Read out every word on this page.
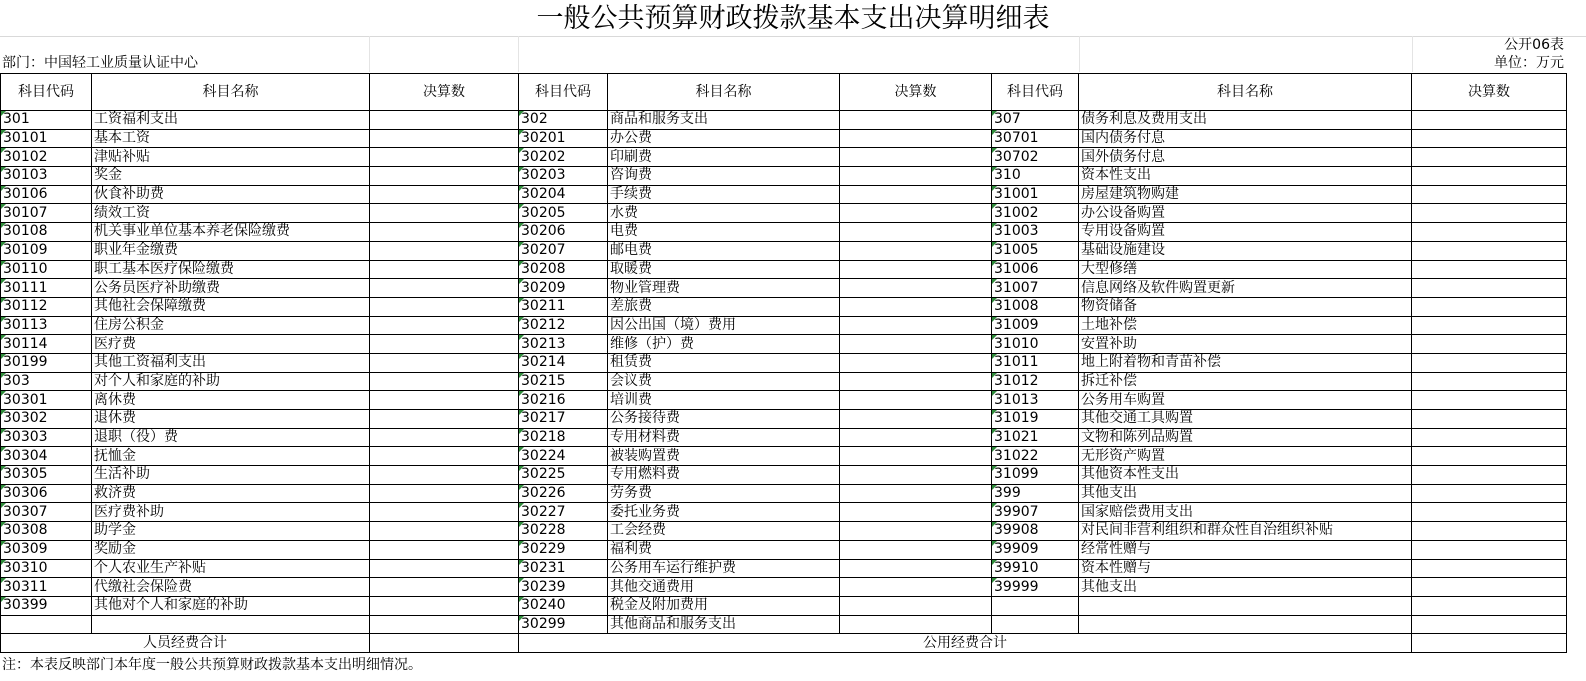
一般公共预算财政拨款基本支出决算明细表
公开06表
部门：中国轻工业质量认证中心	单位：万元
科目代码	科目名称	决算数	科目代码	科目名称	决算数	科目代码	科目名称	决算数
301	工资福利支出		302	商品和服务支出		307	债务利息及费用支出	
30101	基本工资		30201	办公费		30701	国内债务付息	
30102	津贴补贴		30202	印刷费		30702	国外债务付息	
30103	奖金		30203	咨询费		310	资本性支出	
30106	伙食补助费		30204	手续费		31001	房屋建筑物购建	
30107	绩效工资		30205	水费		31002	办公设备购置	
30108	机关事业单位基本养老保险缴费		30206	电费		31003	专用设备购置	
30109	职业年金缴费		30207	邮电费		31005	基础设施建设	
30110	职工基本医疗保险缴费		30208	取暖费		31006	大型修缮	
30111	公务员医疗补助缴费		30209	物业管理费		31007	信息网络及软件购置更新	
30112	其他社会保障缴费		30211	差旅费		31008	物资储备	
30113	住房公积金		30212	因公出国（境）费用		31009	土地补偿	
30114	医疗费		30213	维修（护）费		31010	安置补助	
30199	其他工资福利支出		30214	租赁费		31011	地上附着物和青苗补偿	
303	对个人和家庭的补助		30215	会议费		31012	拆迁补偿	
30301	离休费		30216	培训费		31013	公务用车购置	
30302	退休费		30217	公务接待费		31019	其他交通工具购置	
30303	退职（役）费		30218	专用材料费		31021	文物和陈列品购置	
30304	抚恤金		30224	被装购置费		31022	无形资产购置	
30305	生活补助		30225	专用燃料费		31099	其他资本性支出	
30306	救济费		30226	劳务费		399	其他支出	
30307	医疗费补助		30227	委托业务费		39907	国家赔偿费用支出	
30308	助学金		30228	工会经费		39908	对民间非营利组织和群众性自治组织补贴	
30309	奖励金		30229	福利费		39909	经常性赠与	
30310	个人农业生产补贴		30231	公务用车运行维护费		39910	资本性赠与	
30311	代缴社会保险费		30239	其他交通费用		39999	其他支出	
30399	其他对个人和家庭的补助		30240	税金及附加费用				
			30299	其他商品和服务支出				
人员经费合计			公用经费合计					
注：本表反映部门本年度一般公共预算财政拨款基本支出明细情况。
